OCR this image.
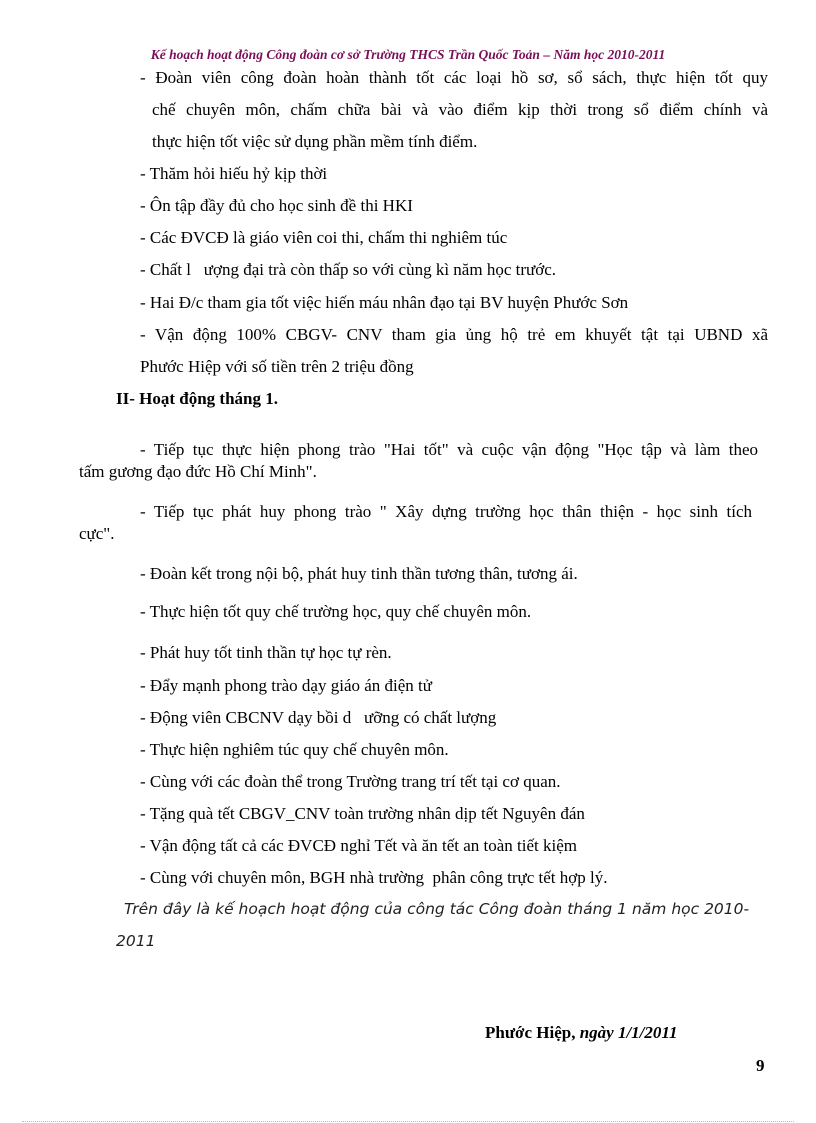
Kế hoạch hoạt động Công đoàn cơ sở Trường THCS Trần Quốc Toản – Năm học 2010-2011
- Đoàn viên công đoàn hoàn thành tốt các loại hồ sơ, sổ sách, thực hiện tốt quy
chế chuyên môn, chấm chữa bài và vào điểm kịp thời trong sổ điểm chính và
thực hiện tốt việc sử dụng phần mềm tính điểm.
- Thăm hỏi hiếu hỷ kịp thời
- Ôn tập đầy đủ cho học sinh đề thi HKI
- Các ĐVCĐ là giáo viên coi thi, chấm thi nghiêm túc
- Chất l   ượng đại trà còn thấp so với cùng kì năm học trước.
- Hai Đ/c tham gia tốt việc hiến máu nhân đạo tại BV huyện Phước Sơn
- Vận động 100% CBGV- CNV tham gia ủng hộ trẻ em khuyết tật tại UBND xã
Phước Hiệp với số tiền trên 2 triệu đồng
II- Hoạt động tháng 1.
- Tiếp tục thực hiện phong trào "Hai tốt" và cuộc vận động "Học tập và làm theo
tấm gương đạo đức Hồ Chí Minh".
- Tiếp tục phát huy phong trào " Xây dựng trường học thân thiện - học sinh tích
cực".
- Đoàn kết trong nội bộ, phát huy tinh thần tương thân, tương ái.
- Thực hiện tốt quy chế trường học, quy chế chuyên môn.
- Phát huy tốt tinh thần tự học tự rèn.
- Đẩy mạnh phong trào dạy giáo án điện tử
- Động viên CBCNV dạy bồi d   ưỡng có chất lượng
- Thực hiện nghiêm túc quy chế chuyên môn.
- Cùng với các đoàn thể trong Trường trang trí tết tại cơ quan.
- Tặng quà tết CBGV_CNV toàn trường nhân dịp tết Nguyên đán
- Vận động tất cả các ĐVCĐ nghỉ Tết và ăn tết an toàn tiết kiệm
- Cùng với chuyên môn, BGH nhà trường  phân công trực tết hợp lý.
Trên đây là kế hoạch hoạt động của công tác Công đoàn tháng 1 năm học 2010-
2011
Phước Hiệp, ngày 1/1/2011
9
